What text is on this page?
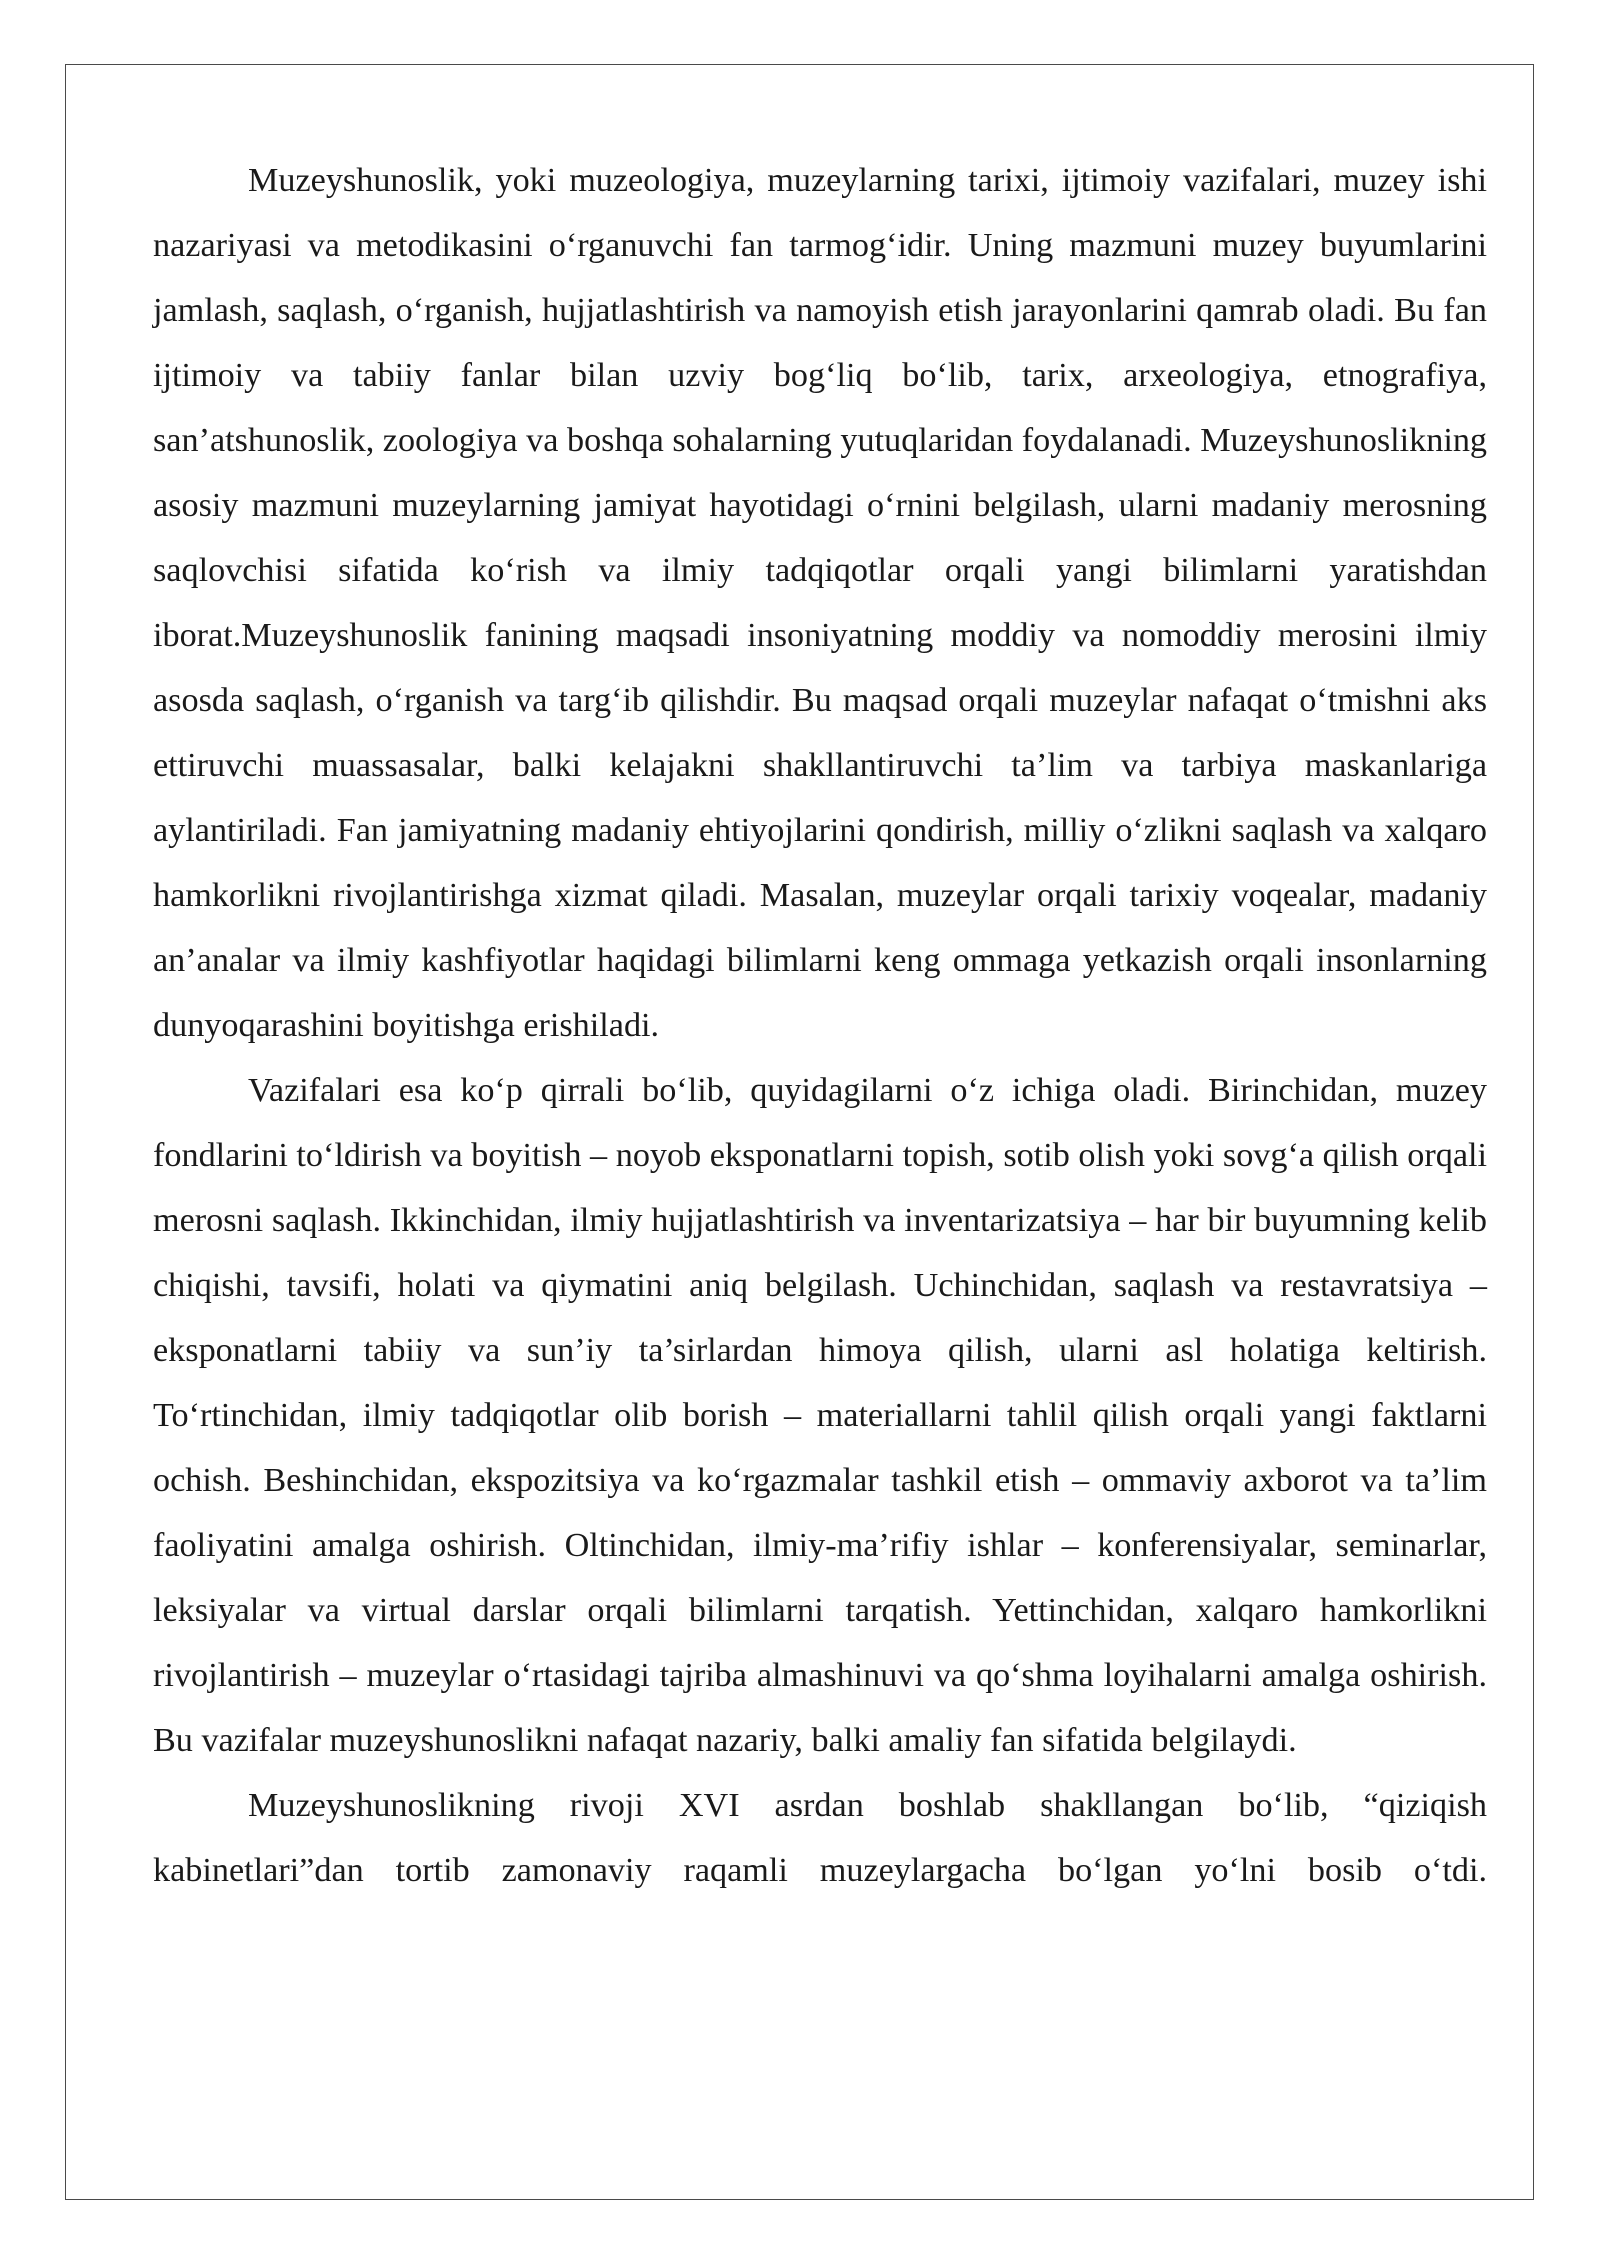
Muzeyshunoslik, yoki muzeologiya, muzeylarning tarixi, ijtimoiy vazifalari, muzey ishi nazariyasi va metodikasini o‘rganuvchi fan tarmog‘idir. Uning mazmuni muzey buyumlarini jamlash, saqlash, o‘rganish, hujjatlashtirish va namoyish etish jarayonlarini qamrab oladi. Bu fan ijtimoiy va tabiiy fanlar bilan uzviy bog‘liq bo‘lib, tarix, arxeologiya, etnografiya, san’atshunoslik, zoologiya va boshqa sohalarning yutuqlaridan foydalanadi. Muzeyshunoslikning asosiy mazmuni muzeylarning jamiyat hayotidagi o‘rnini belgilash, ularni madaniy merosning saqlovchisi sifatida ko‘rish va ilmiy tadqiqotlar orqali yangi bilimlarni yaratishdan iborat.Muzeyshunoslik fanining maqsadi insoniyatning moddiy va nomoddiy merosini ilmiy asosda saqlash, o‘rganish va targ‘ib qilishdir. Bu maqsad orqali muzeylar nafaqat o‘tmishni aks ettiruvchi muassasalar, balki kelajakni shakllantiruvchi ta’lim va tarbiya maskanlariga aylantiriladi. Fan jamiyatning madaniy ehtiyojlarini qondirish, milliy o‘zlikni saqlash va xalqaro hamkorlikni rivojlantirishga xizmat qiladi. Masalan, muzeylar orqali tarixiy voqealar, madaniy an’analar va ilmiy kashfiyotlar haqidagi bilimlarni keng ommaga yetkazish orqali insonlarning dunyoqarashini boyitishga erishiladi.

Vazifalari esa ko‘p qirrali bo‘lib, quyidagilarni o‘z ichiga oladi. Birinchidan, muzey fondlarini to‘ldirish va boyitish – noyob eksponatlarni topish, sotib olish yoki sovg‘a qilish orqali merosni saqlash. Ikkinchidan, ilmiy hujjatlashtirish va inventarizatsiya – har bir buyumning kelib chiqishi, tavsifi, holati va qiymatini aniq belgilash. Uchinchidan, saqlash va restavratsiya – eksponatlarni tabiiy va sun’iy ta’sirlardan himoya qilish, ularni asl holatiga keltirish. To‘rtinchidan, ilmiy tadqiqotlar olib borish – materiallarni tahlil qilish orqali yangi faktlarni ochish. Beshinchidan, ekspozitsiya va ko‘rgazmalar tashkil etish – ommaviy axborot va ta’lim faoliyatini amalga oshirish. Oltinchidan, ilmiy-ma’rifiy ishlar – konferensiyalar, seminarlar, leksiyalar va virtual darslar orqali bilimlarni tarqatish. Yettinchidan, xalqaro hamkorlikni rivojlantirish – muzeylar o‘rtasidagi tajriba almashinuvi va qo‘shma loyihalarni amalga oshirish. Bu vazifalar muzeyshunoslikni nafaqat nazariy, balki amaliy fan sifatida belgilaydi.

Muzeyshunoslikning rivoji XVI asrdan boshlab shakllangan bo‘lib, “qiziqish kabinetlari”dan tortib zamonaviy raqamli muzeylargacha bo‘lgan yo‘lni bosib o‘tdi.
